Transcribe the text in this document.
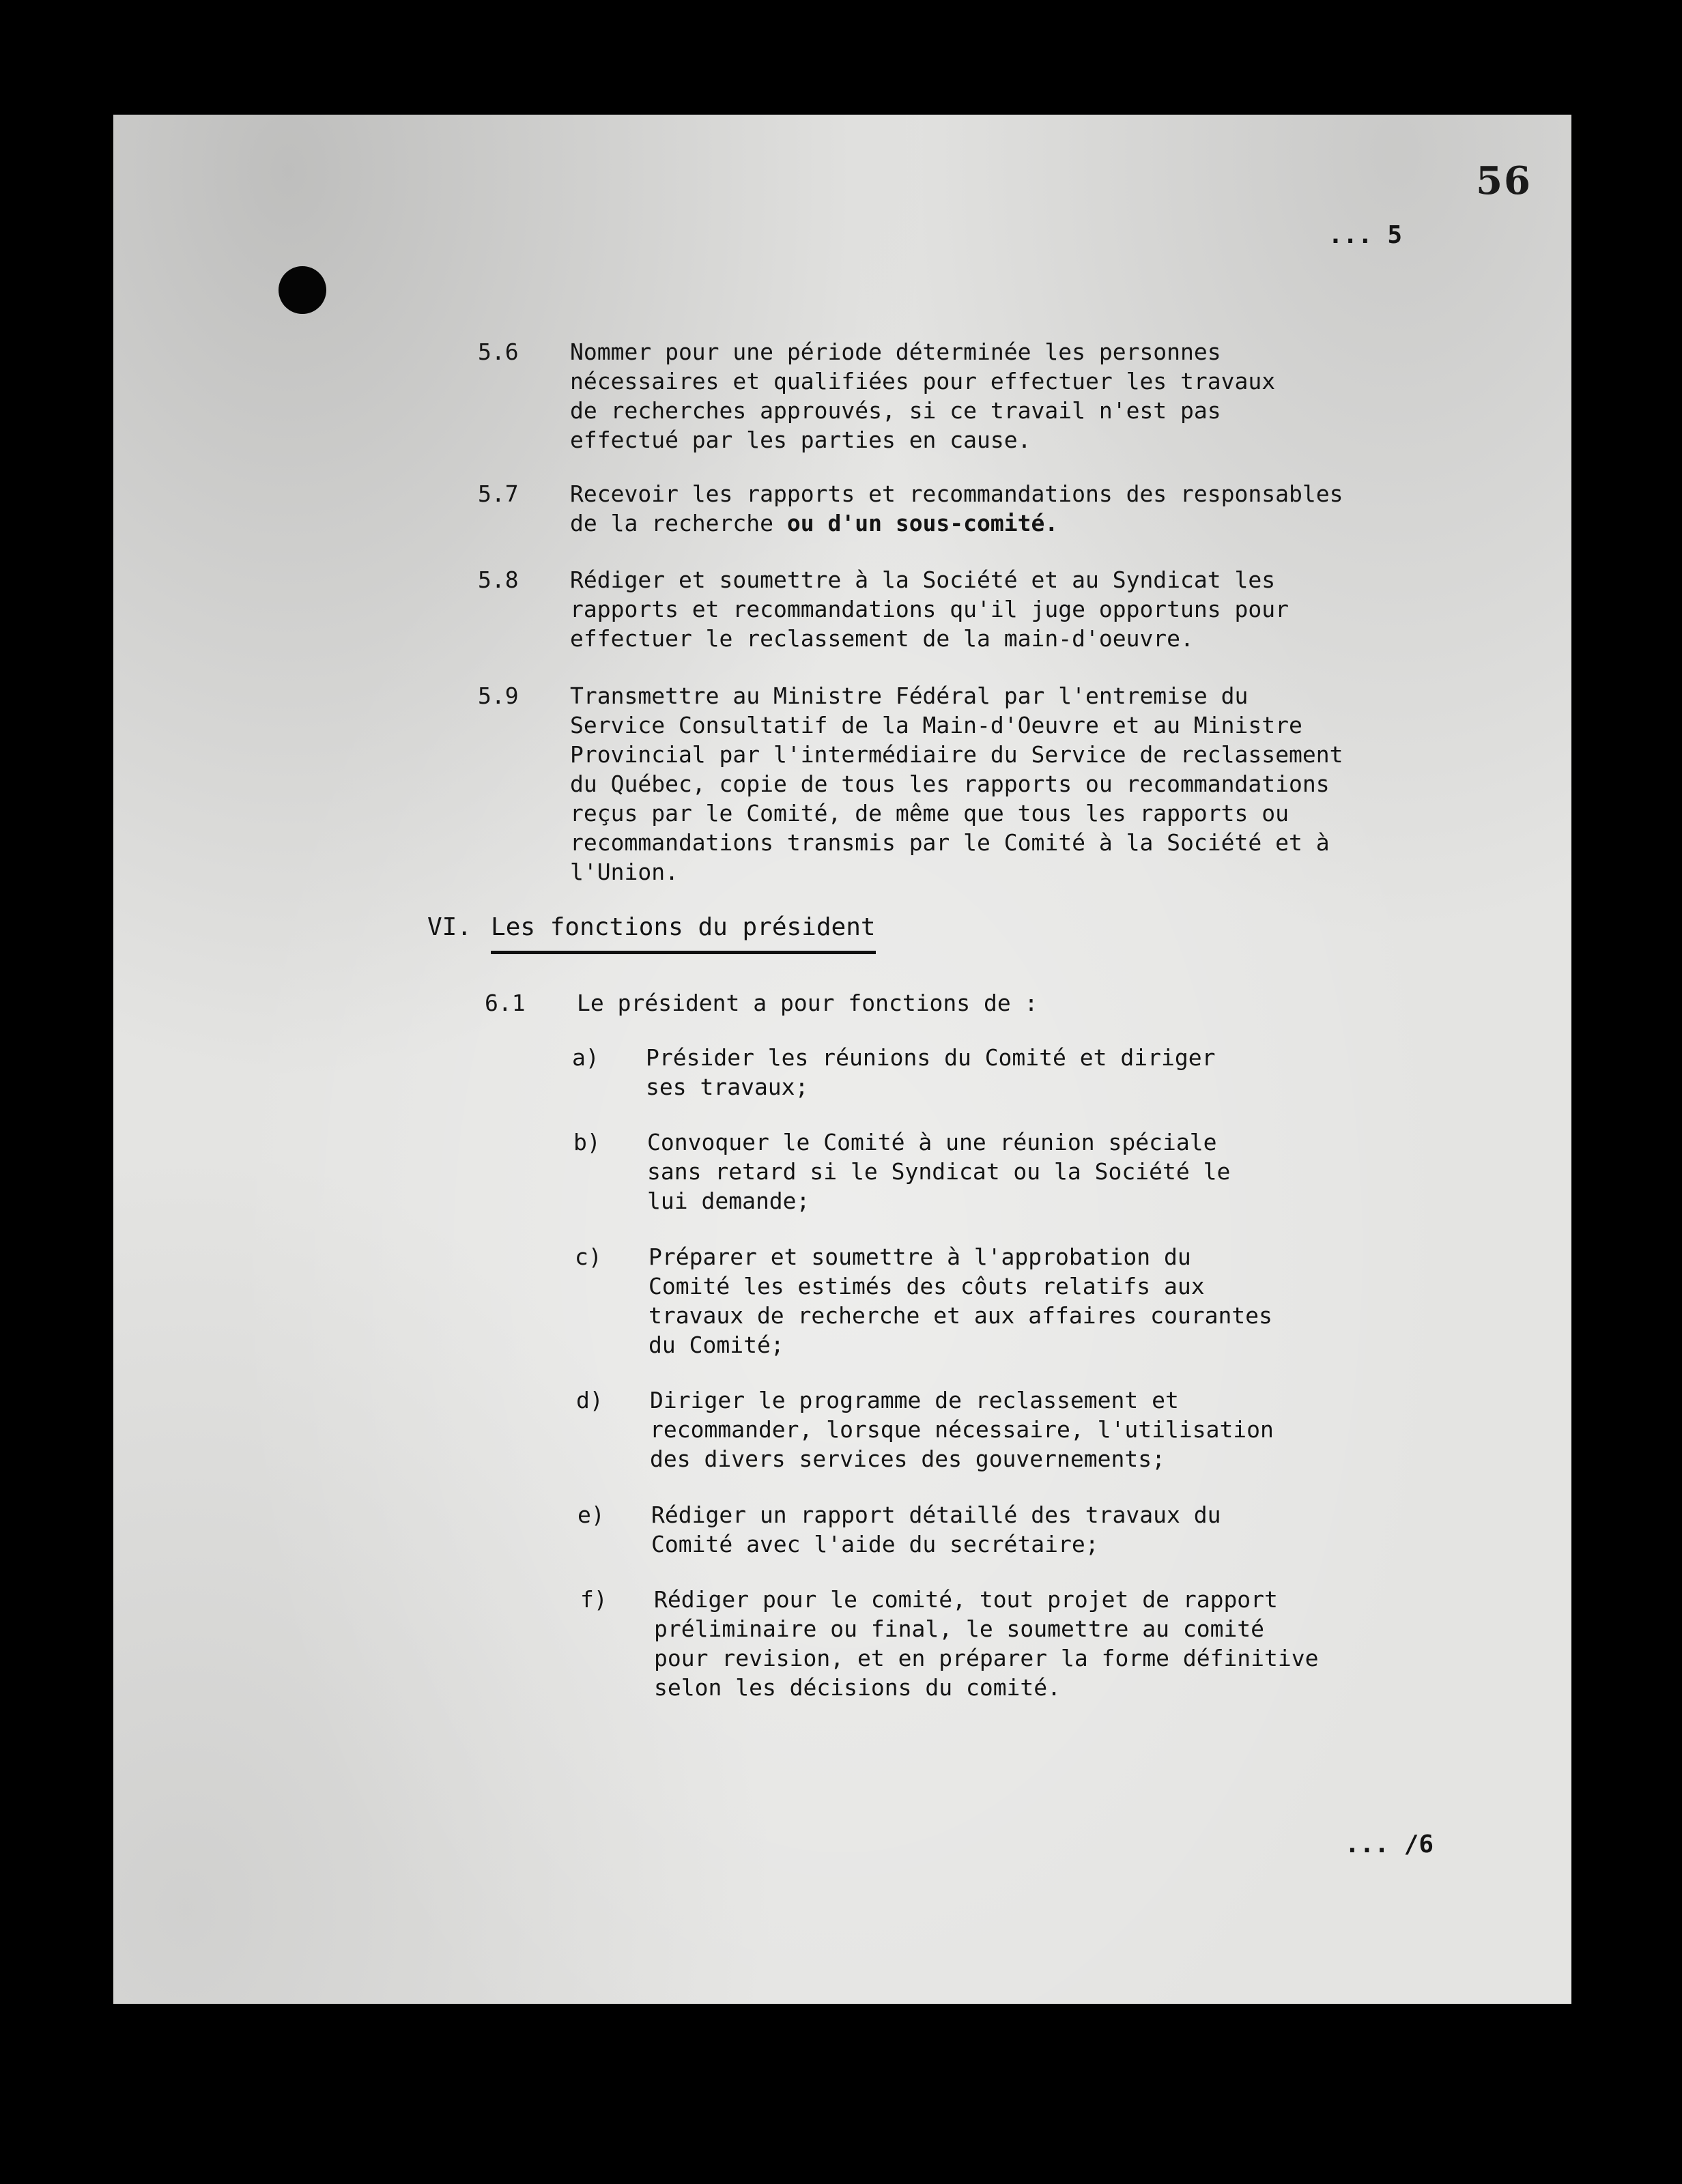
56
... 5
5.6 Nommer pour une période déterminée les personnes
nécessaires et qualifiées pour effectuer les travaux
de recherches approuvés, si ce travail n'est pas
effectué par les parties en cause.
5.7 Recevoir les rapports et recommandations des responsables
de la recherche ou d'un sous-comité.
5.8 Rédiger et soumettre à la Société et au Syndicat les
rapports et recommandations qu'il juge opportuns pour
effectuer le reclassement de la main-d'oeuvre.
5.9 Transmettre au Ministre Fédéral par l'entremise du
Service Consultatif de la Main-d'Oeuvre et au Ministre
Provincial par l'intermédiaire du Service de reclassement
du Québec, copie de tous les rapports ou recommandations
reçus par le Comité, de même que tous les rapports ou
recommandations transmis par le Comité à la Société et à
l'Union.
VI. Les fonctions du président
6.1 Le président a pour fonctions de :
a) Présider les réunions du Comité et diriger
ses travaux;
b) Convoquer le Comité à une réunion spéciale
sans retard si le Syndicat ou la Société le
lui demande;
c) Préparer et soumettre à l'approbation du
Comité les estimés des côuts relatifs aux
travaux de recherche et aux affaires courantes
du Comité;
d) Diriger le programme de reclassement et
recommander, lorsque nécessaire, l'utilisation
des divers services des gouvernements;
e) Rédiger un rapport détaillé des travaux du
Comité avec l'aide du secrétaire;
f) Rédiger pour le comité, tout projet de rapport
préliminaire ou final, le soumettre au comité
pour revision, et en préparer la forme définitive
selon les décisions du comité.
... /6
